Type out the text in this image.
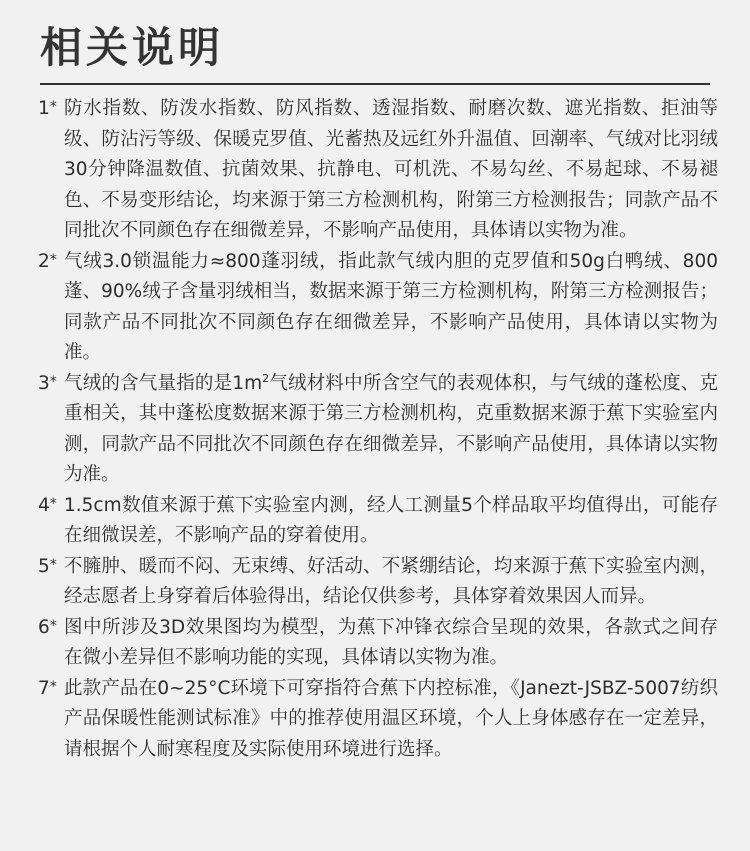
相关说明
1* 防水指数、防泼水指数、防风指数、透湿指数、耐磨次数、遮光指数、拒油等级、防沾污等级、保暖克罗值、光蓄热及远红外升温值、回潮率、气绒对比羽绒30分钟降温数值、抗菌效果、抗静电、可机洗、不易勾丝、不易起球、不易褪色、不易变形结论，均来源于第三方检测机构，附第三方检测报告；同款产品不同批次不同颜色存在细微差异，不影响产品使用，具体请以实物为准。
2* 气绒3.0锁温能力≈800蓬羽绒，指此款气绒内胆的克罗值和50g白鸭绒、800蓬、90%绒子含量羽绒相当，数据来源于第三方检测机构，附第三方检测报告；同款产品不同批次不同颜色存在细微差异，不影响产品使用，具体请以实物为准。
3* 气绒的含气量指的是$1m^2$气绒材料中所含空气的表观体积，与气绒的蓬松度、克重相关，其中蓬松度数据来源于第三方检测机构，克重数据来源于蕉下实验室内测，同款产品不同批次不同颜色存在细微差异，不影响产品使用，具体请以实物为准。
4* 1.5cm数值来源于蕉下实验室内测，经人工测量5个样品取平均值得出，可能存在细微误差，不影响产品的穿着使用。
5* 不臃肿、暖而不闷、无束缚、好活动、不紧绷结论，均来源于蕉下实验室内测，经志愿者上身穿着后体验得出，结论仅供参考，具体穿着效果因人而异。
6* 图中所涉及3D效果图均为模型，为蕉下冲锋衣综合呈现的效果，各款式之间存在微小差异但不影响功能的实现，具体请以实物为准。
7* 此款产品在0~25°C环境下可穿指符合蕉下内控标准，《Janezt-JSBZ-5007纺织产品保暖性能测试标准》中的推荐使用温区环境，个人上身体感存在一定差异，请根据个人耐寒程度及实际使用环境进行选择。
